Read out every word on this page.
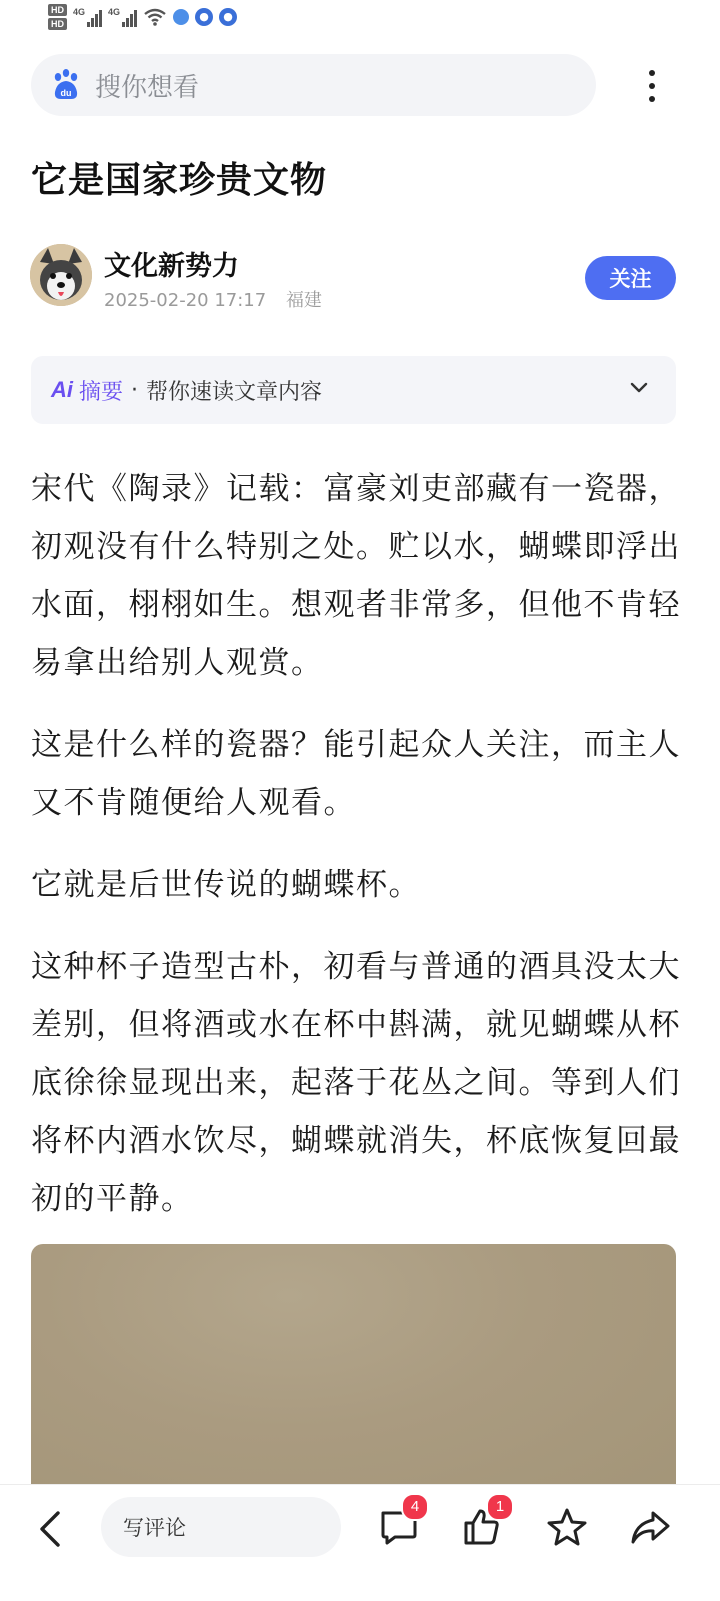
HD
HD
4G	4G	●	●
du 搜你想看
它是国家珍贵文物
文化新势力
2025-02-20 17:17 福建
关注
Ai 摘要 · 帮你速读文章内容

宋代《陶录》记载：富豪刘吏部藏有一瓷器，初观没有什么特别之处。贮以水，蝴蝶即浮出水面，栩栩如生。想观者非常多，但他不肯轻易拿出给别人观赏。

这是什么样的瓷器？能引起众人关注，而主人又不肯随便给人观看。

它就是后世传说的蝴蝶杯。

这种杯子造型古朴，初看与普通的酒具没太大差别，但将酒或水在杯中斟满，就见蝴蝶从杯底徐徐显现出来，起落于花丛之间。等到人们将杯内酒水饮尽，蝴蝶就消失，杯底恢复回最初的平静。

写评论
4	1
